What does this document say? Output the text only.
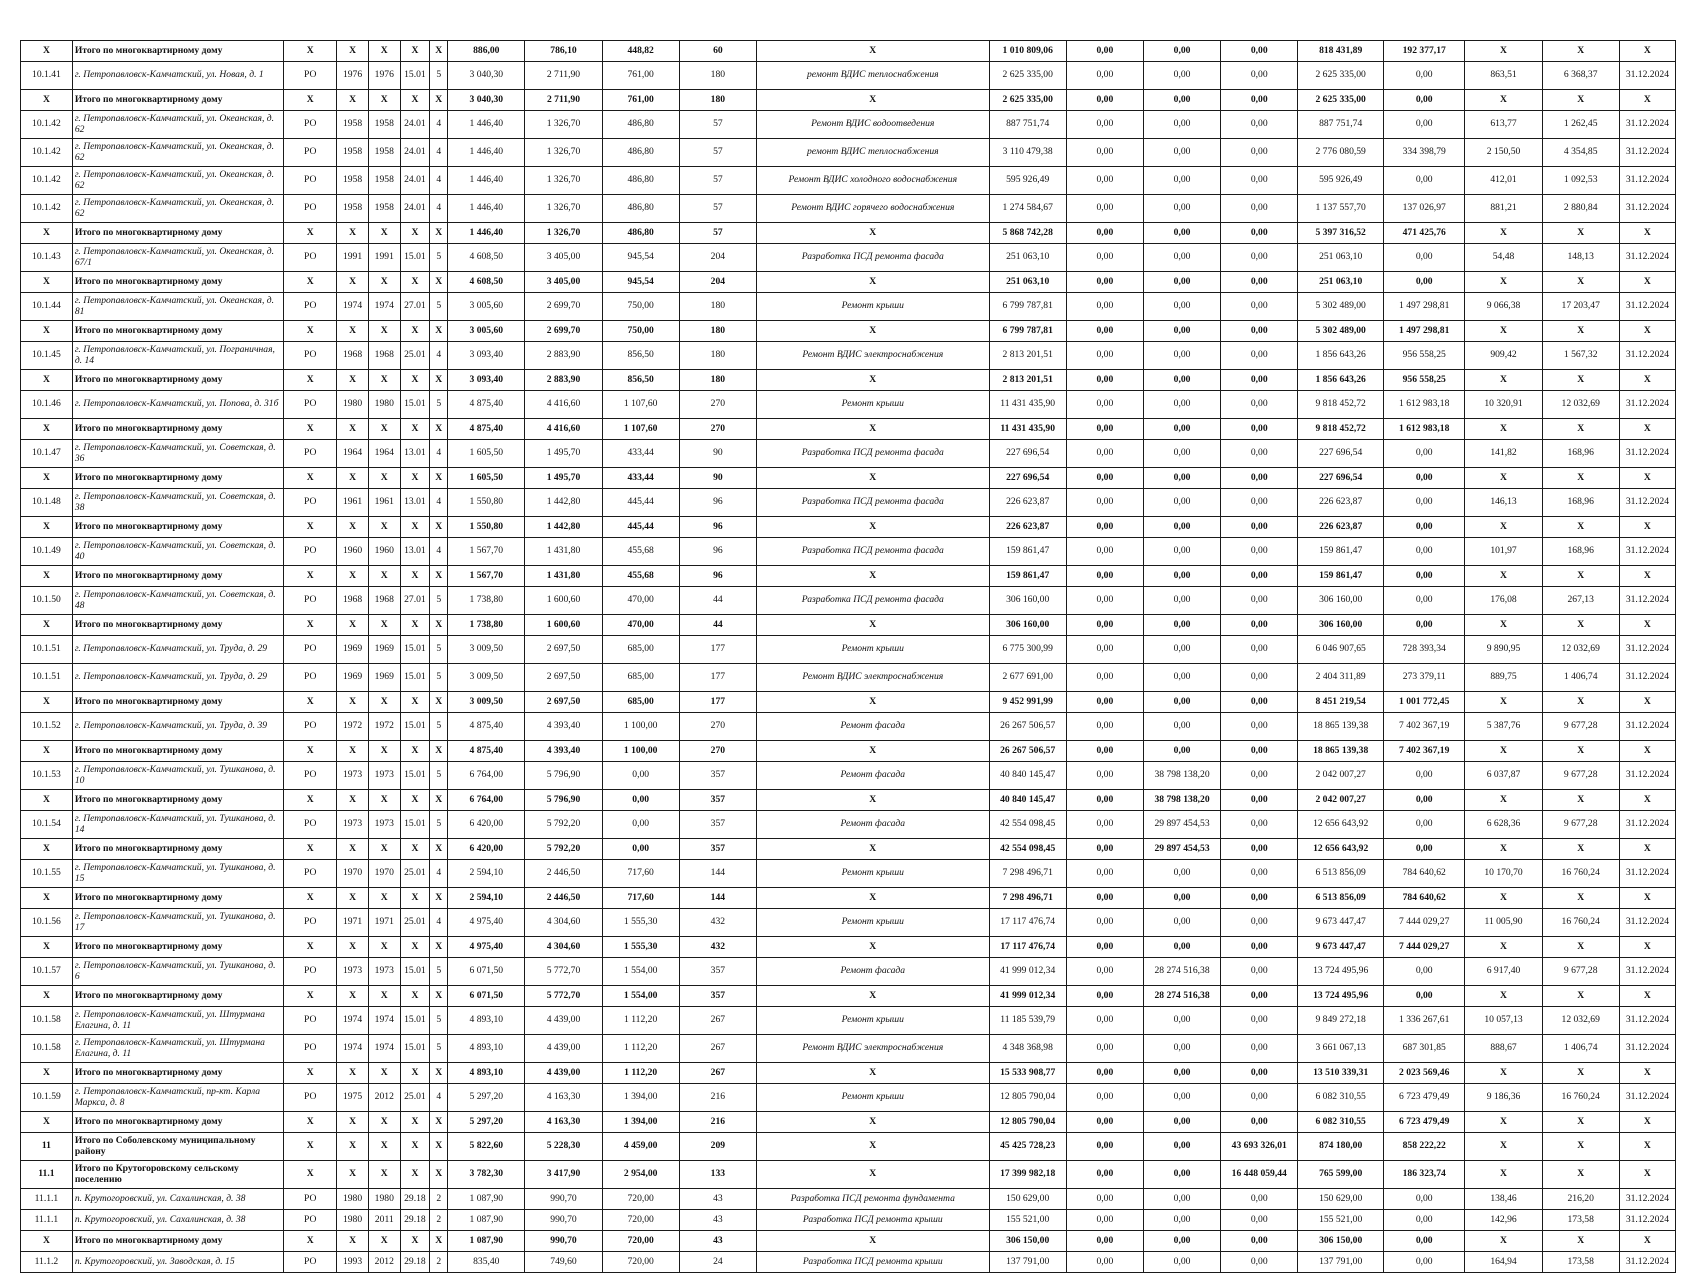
X	Итого по многоквартирному дому	X	X	X	X	X	886,00	786,10	448,82	60	X	1 010 809,06	0,00	0,00	0,00	818 431,89	192 377,17	X	X	X
10.1.41	г. Петропавловск-Камчатский, ул. Новая, д. 1	РО	1976	1976	15.01	5	3 040,30	2 711,90	761,00	180	ремонт ВДИС теплоснабжения	2 625 335,00	0,00	0,00	0,00	2 625 335,00	0,00	863,51	6 368,37	31.12.2024
X	Итого по многоквартирному дому	X	X	X	X	X	3 040,30	2 711,90	761,00	180	X	2 625 335,00	0,00	0,00	0,00	2 625 335,00	0,00	X	X	X
10.1.42	г. Петропавловск-Камчатский, ул. Океанская, д. 62	РО	1958	1958	24.01	4	1 446,40	1 326,70	486,80	57	Ремонт ВДИС водоотведения	887 751,74	0,00	0,00	0,00	887 751,74	0,00	613,77	1 262,45	31.12.2024
10.1.42	г. Петропавловск-Камчатский, ул. Океанская, д. 62	РО	1958	1958	24.01	4	1 446,40	1 326,70	486,80	57	ремонт ВДИС теплоснабжения	3 110 479,38	0,00	0,00	0,00	2 776 080,59	334 398,79	2 150,50	4 354,85	31.12.2024
10.1.42	г. Петропавловск-Камчатский, ул. Океанская, д. 62	РО	1958	1958	24.01	4	1 446,40	1 326,70	486,80	57	Ремонт ВДИС холодного водоснабжения	595 926,49	0,00	0,00	0,00	595 926,49	0,00	412,01	1 092,53	31.12.2024
10.1.42	г. Петропавловск-Камчатский, ул. Океанская, д. 62	РО	1958	1958	24.01	4	1 446,40	1 326,70	486,80	57	Ремонт ВДИС горячего водоснабжения	1 274 584,67	0,00	0,00	0,00	1 137 557,70	137 026,97	881,21	2 880,84	31.12.2024
X	Итого по многоквартирному дому	X	X	X	X	X	1 446,40	1 326,70	486,80	57	X	5 868 742,28	0,00	0,00	0,00	5 397 316,52	471 425,76	X	X	X
10.1.43	г. Петропавловск-Камчатский, ул. Океанская, д. 67/1	РО	1991	1991	15.01	5	4 608,50	3 405,00	945,54	204	Разработка ПСД ремонта фасада	251 063,10	0,00	0,00	0,00	251 063,10	0,00	54,48	148,13	31.12.2024
X	Итого по многоквартирному дому	X	X	X	X	X	4 608,50	3 405,00	945,54	204	X	251 063,10	0,00	0,00	0,00	251 063,10	0,00	X	X	X
10.1.44	г. Петропавловск-Камчатский, ул. Океанская, д. 81	РО	1974	1974	27.01	5	3 005,60	2 699,70	750,00	180	Ремонт крыши	6 799 787,81	0,00	0,00	0,00	5 302 489,00	1 497 298,81	9 066,38	17 203,47	31.12.2024
X	Итого по многоквартирному дому	X	X	X	X	X	3 005,60	2 699,70	750,00	180	X	6 799 787,81	0,00	0,00	0,00	5 302 489,00	1 497 298,81	X	X	X
10.1.45	г. Петропавловск-Камчатский, ул. Пограничная, д. 14	РО	1968	1968	25.01	4	3 093,40	2 883,90	856,50	180	Ремонт ВДИС электроснабжения	2 813 201,51	0,00	0,00	0,00	1 856 643,26	956 558,25	909,42	1 567,32	31.12.2024
X	Итого по многоквартирному дому	X	X	X	X	X	3 093,40	2 883,90	856,50	180	X	2 813 201,51	0,00	0,00	0,00	1 856 643,26	956 558,25	X	X	X
10.1.46	г. Петропавловск-Камчатский, ул. Попова, д. 31б	РО	1980	1980	15.01	5	4 875,40	4 416,60	1 107,60	270	Ремонт крыши	11 431 435,90	0,00	0,00	0,00	9 818 452,72	1 612 983,18	10 320,91	12 032,69	31.12.2024
X	Итого по многоквартирному дому	X	X	X	X	X	4 875,40	4 416,60	1 107,60	270	X	11 431 435,90	0,00	0,00	0,00	9 818 452,72	1 612 983,18	X	X	X
10.1.47	г. Петропавловск-Камчатский, ул. Советская, д. 36	РО	1964	1964	13.01	4	1 605,50	1 495,70	433,44	90	Разработка ПСД ремонта фасада	227 696,54	0,00	0,00	0,00	227 696,54	0,00	141,82	168,96	31.12.2024
X	Итого по многоквартирному дому	X	X	X	X	X	1 605,50	1 495,70	433,44	90	X	227 696,54	0,00	0,00	0,00	227 696,54	0,00	X	X	X
10.1.48	г. Петропавловск-Камчатский, ул. Советская, д. 38	РО	1961	1961	13.01	4	1 550,80	1 442,80	445,44	96	Разработка ПСД ремонта фасада	226 623,87	0,00	0,00	0,00	226 623,87	0,00	146,13	168,96	31.12.2024
X	Итого по многоквартирному дому	X	X	X	X	X	1 550,80	1 442,80	445,44	96	X	226 623,87	0,00	0,00	0,00	226 623,87	0,00	X	X	X
10.1.49	г. Петропавловск-Камчатский, ул. Советская, д. 40	РО	1960	1960	13.01	4	1 567,70	1 431,80	455,68	96	Разработка ПСД ремонта фасада	159 861,47	0,00	0,00	0,00	159 861,47	0,00	101,97	168,96	31.12.2024
X	Итого по многоквартирному дому	X	X	X	X	X	1 567,70	1 431,80	455,68	96	X	159 861,47	0,00	0,00	0,00	159 861,47	0,00	X	X	X
10.1.50	г. Петропавловск-Камчатский, ул. Советская, д. 48	РО	1968	1968	27.01	5	1 738,80	1 600,60	470,00	44	Разработка ПСД ремонта фасада	306 160,00	0,00	0,00	0,00	306 160,00	0,00	176,08	267,13	31.12.2024
X	Итого по многоквартирному дому	X	X	X	X	X	1 738,80	1 600,60	470,00	44	X	306 160,00	0,00	0,00	0,00	306 160,00	0,00	X	X	X
10.1.51	г. Петропавловск-Камчатский, ул. Труда, д. 29	РО	1969	1969	15.01	5	3 009,50	2 697,50	685,00	177	Ремонт крыши	6 775 300,99	0,00	0,00	0,00	6 046 907,65	728 393,34	9 890,95	12 032,69	31.12.2024
10.1.51	г. Петропавловск-Камчатский, ул. Труда, д. 29	РО	1969	1969	15.01	5	3 009,50	2 697,50	685,00	177	Ремонт ВДИС электроснабжения	2 677 691,00	0,00	0,00	0,00	2 404 311,89	273 379,11	889,75	1 406,74	31.12.2024
X	Итого по многоквартирному дому	X	X	X	X	X	3 009,50	2 697,50	685,00	177	X	9 452 991,99	0,00	0,00	0,00	8 451 219,54	1 001 772,45	X	X	X
10.1.52	г. Петропавловск-Камчатский, ул. Труда, д. 39	РО	1972	1972	15.01	5	4 875,40	4 393,40	1 100,00	270	Ремонт фасада	26 267 506,57	0,00	0,00	0,00	18 865 139,38	7 402 367,19	5 387,76	9 677,28	31.12.2024
X	Итого по многоквартирному дому	X	X	X	X	X	4 875,40	4 393,40	1 100,00	270	X	26 267 506,57	0,00	0,00	0,00	18 865 139,38	7 402 367,19	X	X	X
10.1.53	г. Петропавловск-Камчатский, ул. Тушканова, д. 10	РО	1973	1973	15.01	5	6 764,00	5 796,90	0,00	357	Ремонт фасада	40 840 145,47	0,00	38 798 138,20	0,00	2 042 007,27	0,00	6 037,87	9 677,28	31.12.2024
X	Итого по многоквартирному дому	X	X	X	X	X	6 764,00	5 796,90	0,00	357	X	40 840 145,47	0,00	38 798 138,20	0,00	2 042 007,27	0,00	X	X	X
10.1.54	г. Петропавловск-Камчатский, ул. Тушканова, д. 14	РО	1973	1973	15.01	5	6 420,00	5 792,20	0,00	357	Ремонт фасада	42 554 098,45	0,00	29 897 454,53	0,00	12 656 643,92	0,00	6 628,36	9 677,28	31.12.2024
X	Итого по многоквартирному дому	X	X	X	X	X	6 420,00	5 792,20	0,00	357	X	42 554 098,45	0,00	29 897 454,53	0,00	12 656 643,92	0,00	X	X	X
10.1.55	г. Петропавловск-Камчатский, ул. Тушканова, д. 15	РО	1970	1970	25.01	4	2 594,10	2 446,50	717,60	144	Ремонт крыши	7 298 496,71	0,00	0,00	0,00	6 513 856,09	784 640,62	10 170,70	16 760,24	31.12.2024
X	Итого по многоквартирному дому	X	X	X	X	X	2 594,10	2 446,50	717,60	144	X	7 298 496,71	0,00	0,00	0,00	6 513 856,09	784 640,62	X	X	X
10.1.56	г. Петропавловск-Камчатский, ул. Тушканова, д. 17	РО	1971	1971	25.01	4	4 975,40	4 304,60	1 555,30	432	Ремонт крыши	17 117 476,74	0,00	0,00	0,00	9 673 447,47	7 444 029,27	11 005,90	16 760,24	31.12.2024
X	Итого по многоквартирному дому	X	X	X	X	X	4 975,40	4 304,60	1 555,30	432	X	17 117 476,74	0,00	0,00	0,00	9 673 447,47	7 444 029,27	X	X	X
10.1.57	г. Петропавловск-Камчатский, ул. Тушканова, д. 6	РО	1973	1973	15.01	5	6 071,50	5 772,70	1 554,00	357	Ремонт фасада	41 999 012,34	0,00	28 274 516,38	0,00	13 724 495,96	0,00	6 917,40	9 677,28	31.12.2024
X	Итого по многоквартирному дому	X	X	X	X	X	6 071,50	5 772,70	1 554,00	357	X	41 999 012,34	0,00	28 274 516,38	0,00	13 724 495,96	0,00	X	X	X
10.1.58	г. Петропавловск-Камчатский, ул. Штурмана Елагина, д. 11	РО	1974	1974	15.01	5	4 893,10	4 439,00	1 112,20	267	Ремонт крыши	11 185 539,79	0,00	0,00	0,00	9 849 272,18	1 336 267,61	10 057,13	12 032,69	31.12.2024
10.1.58	г. Петропавловск-Камчатский, ул. Штурмана Елагина, д. 11	РО	1974	1974	15.01	5	4 893,10	4 439,00	1 112,20	267	Ремонт ВДИС электроснабжения	4 348 368,98	0,00	0,00	0,00	3 661 067,13	687 301,85	888,67	1 406,74	31.12.2024
X	Итого по многоквартирному дому	X	X	X	X	X	4 893,10	4 439,00	1 112,20	267	X	15 533 908,77	0,00	0,00	0,00	13 510 339,31	2 023 569,46	X	X	X
10.1.59	г. Петропавловск-Камчатский, пр-кт. Карла Маркса, д. 8	РО	1975	2012	25.01	4	5 297,20	4 163,30	1 394,00	216	Ремонт крыши	12 805 790,04	0,00	0,00	0,00	6 082 310,55	6 723 479,49	9 186,36	16 760,24	31.12.2024
X	Итого по многоквартирному дому	X	X	X	X	X	5 297,20	4 163,30	1 394,00	216	X	12 805 790,04	0,00	0,00	0,00	6 082 310,55	6 723 479,49	X	X	X
11	Итого по Соболевскому муниципальному району	X	X	X	X	X	5 822,60	5 228,30	4 459,00	209	X	45 425 728,23	0,00	0,00	43 693 326,01	874 180,00	858 222,22	X	X	X
11.1	Итого по Крутогоровскому сельскому поселению	X	X	X	X	X	3 782,30	3 417,90	2 954,00	133	X	17 399 982,18	0,00	0,00	16 448 059,44	765 599,00	186 323,74	X	X	X
11.1.1	п. Крутогоровский, ул. Сахалинская, д. 38	РО	1980	1980	29.18	2	1 087,90	990,70	720,00	43	Разработка ПСД ремонта фундамента	150 629,00	0,00	0,00	0,00	150 629,00	0,00	138,46	216,20	31.12.2024
11.1.1	п. Крутогоровский, ул. Сахалинская, д. 38	РО	1980	2011	29.18	2	1 087,90	990,70	720,00	43	Разработка ПСД ремонта крыши	155 521,00	0,00	0,00	0,00	155 521,00	0,00	142,96	173,58	31.12.2024
X	Итого по многоквартирному дому	X	X	X	X	X	1 087,90	990,70	720,00	43	X	306 150,00	0,00	0,00	0,00	306 150,00	0,00	X	X	X
11.1.2	п. Крутогоровский, ул. Заводская, д. 15	РО	1993	2012	29.18	2	835,40	749,60	720,00	24	Разработка ПСД ремонта крыши	137 791,00	0,00	0,00	0,00	137 791,00	0,00	164,94	173,58	31.12.2024
